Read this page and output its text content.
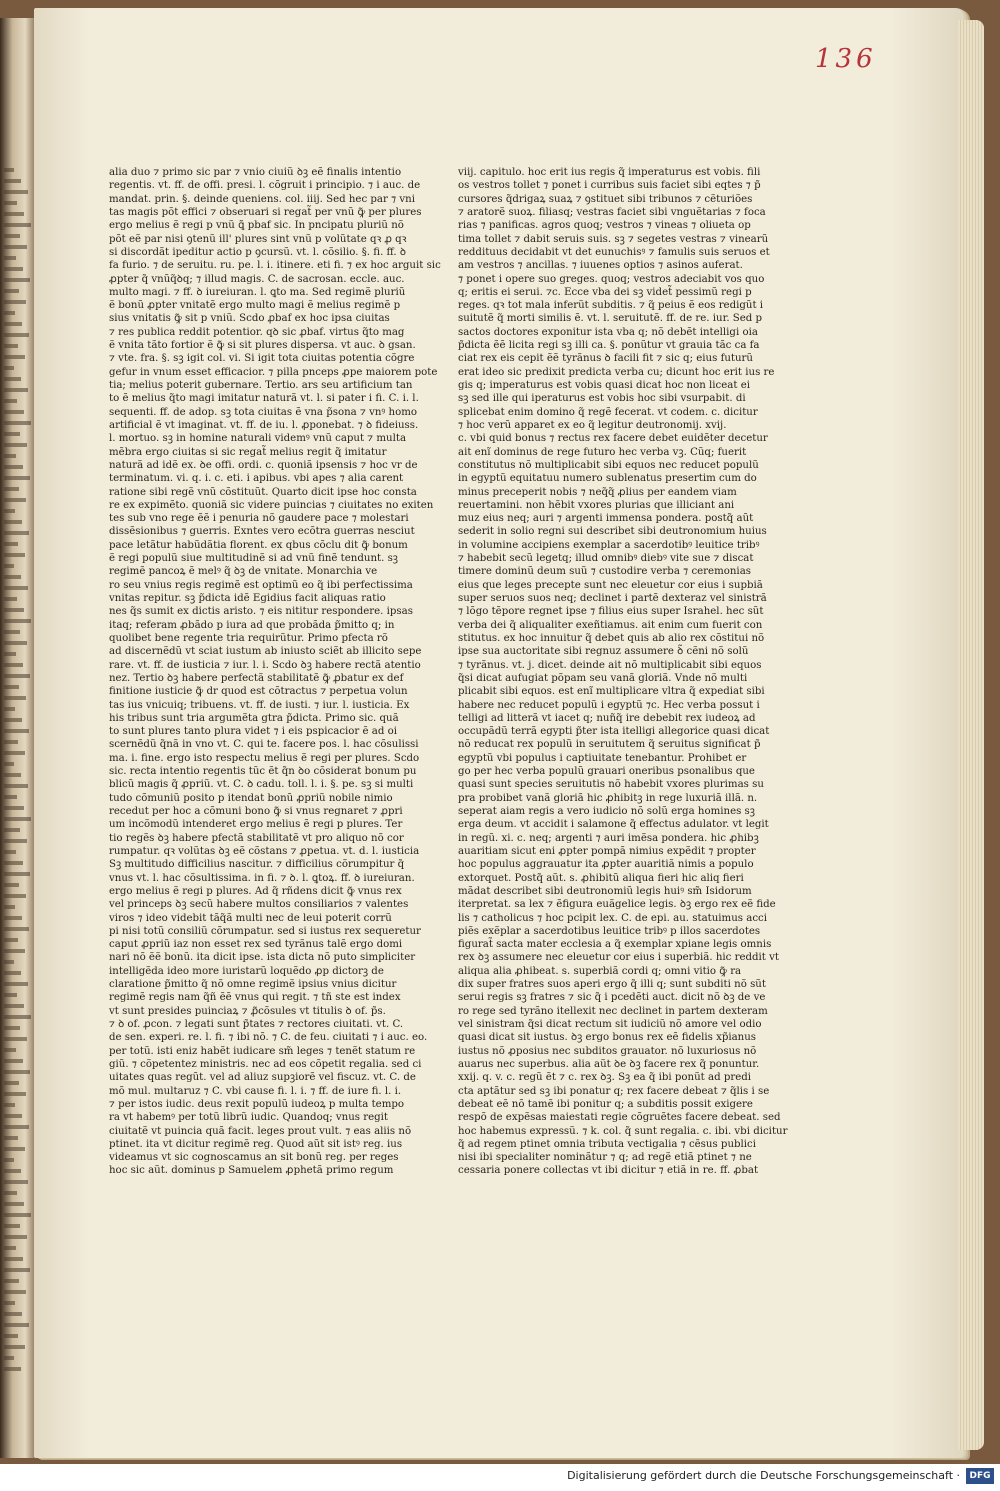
136
alia duo ⁊ primo sic par ⁊ vnio ciuiũ ꝺꝫ eẽ finalis intentio
regentis. vt. ff. de offi. presi. l. cõgruit i principio. ⁊ i auc. de
mandat. prin. §. deinde queniens. col. iiij. Sed hec par ⁊ vni
tas magis põt effici ⁊ obseruari si regat̃ per vnũ ꝙ̃ per plures
ergo melius ẽ regi p vnũ ꝗ̃ pbaf sic. In pncipatu pluriũ nõ
põt eẽ par nisi ꝯtenũ ill' plures sint vnũ p volũtate qꝛ ꝓ qꝛ
si discordãt ipeditur actio p ꝯcursũ. vt. l. cõsilio. §. fi. ff. ꝺ
fa furio. ⁊ de seruitu. ru. pe. l. i. itinere. eti fi. ⁊ ex hoc arguit sic
ꝓpter q̃ vnũq̃ꝺq; ⁊ illud magis. C. de sacrosan. eccle. auc.
multo magi. ⁊ ff. ꝺ iureiuran. l. ꝗto ma. Sed regimẽ pluriũ
ẽ bonũ ꝓpter vnitatẽ ergo multo magi ẽ melius regimẽ p
sius vnitatis ꝙ̃ sit p vniũ. Scdo ꝓbaf ex hoc ipsa ciuitas
⁊ res publica reddit potentior. qꝺ sic ꝓbaf. virtus q̃to mag
ẽ vnita tãto fortior ẽ ꝙ̃ si sit plures dispersa. vt auc. ꝺ gsan.
⁊ vte. fra. §. sꝫ igit col. vi. Si igit tota ciuitas potentia cõgre
gefur in vnum esset efficacior. ⁊ pilla pnceps ꝓpe maiorem pote
tia; melius poterit gubernare. Tertio. ars seu artificium tan
to ẽ melius q̃to magi imitatur naturã vt. l. si pater i fi. C. i. l.
sequenti. ff. de adop. sꝫ tota ciuitas ẽ vna p̃sona ⁊ vnꝰ homo
artificial ẽ vt imaginat. vt. ff. de iu. l. ꝓponebat. ⁊ ꝺ fideiuss.
l. mortuo. sꝫ in homine naturali videmꝰ vnũ caput ⁊ multa
mẽbra ergo ciuitas si sic regat̃ melius regit q̃ imitatur
naturã ad idẽ ex. ꝺe offi. ordi. c. quoniã ipsensis ⁊ hoc vr de
terminatum. vi. q. i. c. eti. i apibus. vbi apes ⁊ alia carent
ratione sibi regẽ vnũ cõstituũt. Quarto dicit ipse hoc consta
re ex expimẽto. quoniã sic videre puincias ⁊ ciuitates no exiten
tes sub vno rege ẽẽ i penuria nõ gaudere pace ⁊ molestari
dissẽsionibus ⁊ guerris. Exntes vero ecõtra guerras nesciut
pace letãtur habũdãtia florent. ex qbus cõclu dit ꝙ̃ bonum
ẽ regi populũ siue multitudinẽ si ad vnũ finẽ tendunt. sꝫ
regimẽ pancoꝝ ẽ melꝰ q̃ ꝺꝫ de vnitate. Monarchia ve
ro seu vnius regis regimẽ est optimũ eo q̃ ibi perfectissima
vnitas repitur. sꝫ p̃dicta idẽ Egidius facit aliquas ratio
nes q̃s sumit ex dictis aristo. ⁊ eis nititur respondere. ipsas
itaq; referam ꝓbãdo p iura ad que probãda p̃mitto q; in
quolibet bene regente tria requirũtur. Primo pfecta rõ
ad discernẽdũ vt sciat iustum ab iniusto sciẽt ab illicito sepe
rare. vt. ff. de iusticia ⁊ iur. l. i. Scdo ꝺꝫ habere rectã atentio
nez. Tertio ꝺꝫ habere perfectã stabilitatẽ ꝙ̃ ꝓbatur ex def
finitione iusticie ꝙ̃ dr quod est cõtractus ⁊ perpetua volun
tas ius vnicuiq; tribuens. vt. ff. de iusti. ⁊ iur. l. iusticia. Ex
his tribus sunt tria argumẽta gtra p̃dicta. Primo sic. quã
to sunt plures tanto plura videt ⁊ i eis pspicacior ẽ ad oi
scernẽdũ q̃nã in vno vt. C. qui te. facere pos. l. hac cõsulissi
ma. i. fine. ergo isto respectu melius ẽ regi per plures. Scdo
sic. recta intentio regentis tũc ẽt q̃n ꝺo cõsiderat bonum pu
blicũ magis q̃ ꝓpriũ. vt. C. ꝺ cadu. toll. l. i. §. pe. sꝫ si multi
tudo cõmuniũ posito p itendat bonũ ꝓpriũ nobile nimio
recedut per hoc a cõmuni bono ꝙ̃ si vnus regnaret ⁊ ꝓpri
um incõmodũ intenderet ergo melius ẽ regi p plures. Ter
tio regẽs ꝺꝫ habere pfectã stabilitatẽ vt pro aliquo nõ cor
rumpatur. qꝛ volũtas ꝺꝫ eẽ cõstans ⁊ ꝓpetua. vt. d. l. iusticia
Sꝫ multitudo difficilius nascitur. ⁊ difficilius cõrumpitur q̃
vnus vt. l. hac cõsultissima. in fi. ⁊ ꝺ. l. ꝗtoꝝ. ff. ꝺ iureiuran.
ergo melius ẽ regi p plures. Ad q̃ rñdens dicit ꝙ̃ vnus rex
vel princeps ꝺꝫ secũ habere multos consiliarios ⁊ valentes
viros ⁊ ideo videbit tãq̃ã multi nec de leui poterit corrũ
pi nisi totũ consiliũ cõrumpatur. sed si iustus rex sequeretur
caput ꝓpriũ iaz non esset rex sed tyrãnus talẽ ergo domi
nari nõ ẽẽ bonũ. ita dicit ipse. ista dicta nõ puto simpliciter
intelligẽda ideo more iuristarũ loquẽdo ꝓp dictorꝫ de
claratione p̃mitto q̃ nõ omne regimẽ ipsius vnius dicitur
regimẽ regis nam q̃ñ ẽẽ vnus qui regit. ⁊ tñ ste est index
vt sunt presides puinciaꝝ ⁊ ꝓ̃cõsules vt titulis ꝺ of. p̃s.
⁊ ꝺ of. ꝓcon. ⁊ legati sunt p̃tates ⁊ rectores ciuitati. vt. C.
de sen. experi. re. l. fi. ⁊ ibi nõ. ⁊ C. de feu. ciuitati ⁊ i auc. eo.
per totũ. isti eniz habẽt iudicare sm̃ leges ⁊ tenẽt statum re
giũ. ⁊ cõpetentez ministris. nec ad eos cõpetit regalia. sed ci
uitates quas regũt. vel ad aliuz supꝫiorẽ vel fiscuz. vt. C. de
mõ mul. multaruz ⁊ C. vbi cause fi. l. i. ⁊ ff. de iure fi. l. i.
⁊ per istos iudic. deus rexit populũ iudeoꝝ p multa tempo
ra vt habemꝰ per totũ librũ iudic. Quandoq; vnus regit
ciuitatẽ vt puincia quã facit. leges prout vult. ⁊ eas aliis nõ
ptinet. ita vt dicitur regimẽ reg. Quod aũt sit istꝰ reg. ius
videamus vt sic cognoscamus an sit bonũ reg. per reges
hoc sic aũt. dominus p Samuelem ꝓphetã primo regum
viij. capitulo. hoc erit ius regis q̃ imperaturus est vobis. fili
os vestros tollet ⁊ ponet i curribus suis faciet sibi eqtes ⁊ p̃
cursores q̃drigaꝝ suaꝝ ⁊ ꝯstituet sibi tribunos ⁊ cẽturiões
⁊ aratorẽ suoꝝ. filiasq; vestras faciet sibi vnguẽtarias ⁊ foca
rias ⁊ panificas. agros quoq; vestros ⁊ vineas ⁊ oliueta op
tima tollet ⁊ dabit seruis suis. sꝫ ⁊ segetes vestras ⁊ vinearũ
reddituus decidabit vt det eunuchisꝰ ⁊ famulis suis seruos et
am vestros ⁊ ancillas. ⁊ iuuenes optios ⁊ asinos auferat.
⁊ ponet i opere suo greges. quoq; vestros adeciabit vos quo
q; eritis ei serui. ⁊c. Ecce vba dei sꝫ videt̃ pessimũ regi p
reges. qꝛ tot mala inferũt subditis. ⁊ q̃ peius ẽ eos redigũt i
suitutẽ q̃ morti similis ẽ. vt. l. seruitutẽ. ff. de re. iur. Sed p
sactos doctores exponitur ista vba q; nõ debẽt intelligi oia
p̃dicta ẽẽ licita regi sꝫ illi ca. §. ponũtur vt grauia tãc ca fa
ciat rex eis cepit ẽẽ tyrãnus ꝺ facili fit ⁊ sic q; eius futurũ
erat ideo sic predixit predicta verba cu; dicunt hoc erit ius re
gis q; imperaturus est vobis quasi dicat hoc non liceat ei
sꝫ sed ille qui iperaturus est vobis hoc sibi vsurpabit. di
splicebat enim domino q̃ regẽ fecerat. vt codem. c. dicitur
⁊ hoc verũ apparet ex eo q̃ legitur deutronomij. xvij.
c. vbi quid bonus ⁊ rectus rex facere debet euidẽter decetur
ait enĩ dominus de rege futuro hec verba vꝫ. Cũq; fuerit
constitutus nõ multiplicabit sibi equos nec reducet populũ
in egyptũ equitatuu numero sublenatus presertim cum do
minus preceperit nobis ⁊ neq̃q̃ ꝓlius per eandem viam
reuertamini. non hẽbit vxores plurias que illiciant ani
muz eius neq; auri ⁊ argenti immensa pondera. postq̃ aũt
sederit in solio regni sui describet sibi deutronomium huius
in volumine accipiens exemplar a sacerdotibꝰ leuitice tribꝰ
⁊ habebit secũ legetq; illud omnibꝰ diebꝰ vite sue ⁊ discat
timere dominũ deum suũ ⁊ custodire verba ⁊ ceremonias
eius que leges precepte sunt nec eleuetur cor eius i supbiã
super seruos suos neq; declinet i partẽ dexteraz vel sinistrã
⁊ lõgo tẽpore regnet ipse ⁊ filius eius super Israhel. hec sũt
verba dei q̃ aliqualiter exeñtiamus. ait enim cum fuerit con
stitutus. ex hoc innuitur q̃ debet quis ab alio rex cõstitui nõ
ipse sua auctoritate sibi regnuz assumere ꝺ̃ cẽni nõ solũ
⁊ tyrãnus. vt. j. dicet. deinde ait nõ multiplicabit sibi equos
q̃si dicat aufugiat põpam seu vanã gloriã. Vnde nõ multi
plicabit sibi equos. est enĩ multiplicare vltra q̃ expediat sibi
habere nec reducet populũ i egyptũ ⁊c. Hec verba possut i
telligi ad litterã vt iacet q; nuñq̃ ire debebit rex iudeoꝝ ad
occupãdũ terrã egypti p̃ter ista itelligi allegorice quasi dicat
nõ reducat rex populũ in seruitutem q̃ seruitus significat p̃
egyptũ vbi populus i captiuitate tenebantur. Prohibet er
go per hec verba populũ grauari oneribus psonalibus que
quasi sunt species seruitutis nõ habebit vxores plurimas su
pra probibet vanã gloriã hic ꝓhibitꝫ in rege luxuriã illã. n.
seperat aiam regis a vero iudicio nõ solũ erga homines sꝫ
erga deum. vt accidit i salamone q̃ effectus adulator. vt legit
in regũ. xi. c. neq; argenti ⁊ auri imẽsa pondera. hic ꝓhibꝫ
auaritiam sicut eni ꝓpter pompã nimius expẽdit ⁊ propter
hoc populus aggrauatur ita ꝓpter auaritiã nimis a populo
extorquet. Postq̃ aũt. s. ꝓhibitũ aliqua fieri hic aliq fieri
mãdat describet sibi deutronomiũ legis huiꝰ sm̃ Isidorum
iterpretat. sa lex ⁊ ẽfigura euãgelice legis. ꝺꝫ ergo rex eẽ fide
lis ⁊ catholicus ⁊ hoc pcipit lex. C. de epi. au. statuimus acci
piẽs exẽplar a sacerdotibus leuitice tribꝰ p illos sacerdotes
figurat̃ sacta mater ecclesia a q̃ exemplar xpiane legis omnis
rex ꝺꝫ assumere nec eleuetur cor eius i superbiã. hic reddit vt
aliqua alia ꝓhibeat. s. superbiã cordi q; omni vitio ꝙ̃ ra
dix super fratres suos aperi ergo q̃ illi q; sunt subditi nõ sũt
serui regis sꝫ fratres ⁊ sic q̃ i pcedẽti auct. dicit nõ ꝺꝫ de ve
ro rege sed tyrãno itellexit nec declinet in partem dexteram
vel sinistram q̃si dicat rectum sit iudiciũ nõ amore vel odio
quasi dicat sit iustus. ꝺꝫ ergo bonus rex eẽ fidelis xp̃ianus
iustus nõ ꝓposius nec subditos grauator. nõ luxuriosus nõ
auarus nec superbus. alia aũt ꝺe ꝺꝫ facere rex q̃ ponuntur.
xxij. q. v. c. regũ ẽt ⁊ c. rex ꝺꝫ. Sꝫ ea q̃ ibi ponũt ad predi
cta aptãtur sed sꝫ ibi ponatur q; rex facere debeat ⁊ q̃lis i se
debeat eẽ nõ tamẽ ibi ponitur q; a subditis possit exigere
respõ de expẽsas maiestati regie cõgruẽtes facere debeat. sed
hoc habemus expressũ. ⁊ k. col. q̃ sunt regalia. c. ibi. vbi dicitur
q̃ ad regem ptinet omnia tributa vectigalia ⁊ cẽsus publici
nisi ibi specialiter nominãtur ⁊ q; ad regẽ etiã ptinet ⁊ ne
cessaria ponere collectas vt ibi dicitur ⁊ etiã in re. ff. ꝓbat
Digitalisierung gefördert durch die Deutsche Forschungsgemeinschaft ·	DFG
